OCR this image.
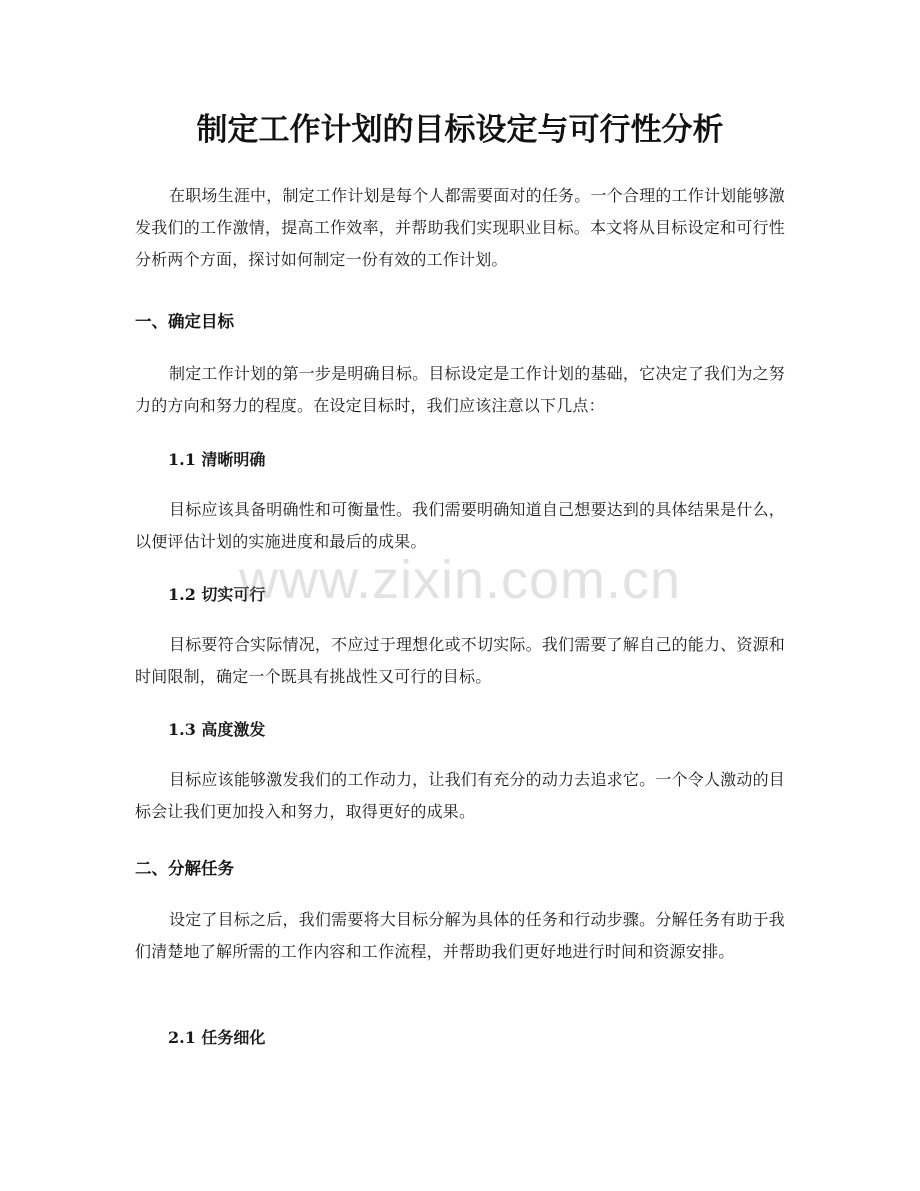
制定工作计划的目标设定与可行性分析

在职场生涯中，制定工作计划是每个人都需要面对的任务。一个合理的工作计划能够激发我们的工作激情，提高工作效率，并帮助我们实现职业目标。本文将从目标设定和可行性分析两个方面，探讨如何制定一份有效的工作计划。

一、确定目标

制定工作计划的第一步是明确目标。目标设定是工作计划的基础，它决定了我们为之努力的方向和努力的程度。在设定目标时，我们应该注意以下几点：

1.1 清晰明确

目标应该具备明确性和可衡量性。我们需要明确知道自己想要达到的具体结果是什么，以便评估计划的实施进度和最后的成果。

1.2 切实可行

目标要符合实际情况，不应过于理想化或不切实际。我们需要了解自己的能力、资源和时间限制，确定一个既具有挑战性又可行的目标。

1.3 高度激发

目标应该能够激发我们的工作动力，让我们有充分的动力去追求它。一个令人激动的目标会让我们更加投入和努力，取得更好的成果。

二、分解任务

设定了目标之后，我们需要将大目标分解为具体的任务和行动步骤。分解任务有助于我们清楚地了解所需的工作内容和工作流程，并帮助我们更好地进行时间和资源安排。

2.1 任务细化
www.zixin.com.cn
